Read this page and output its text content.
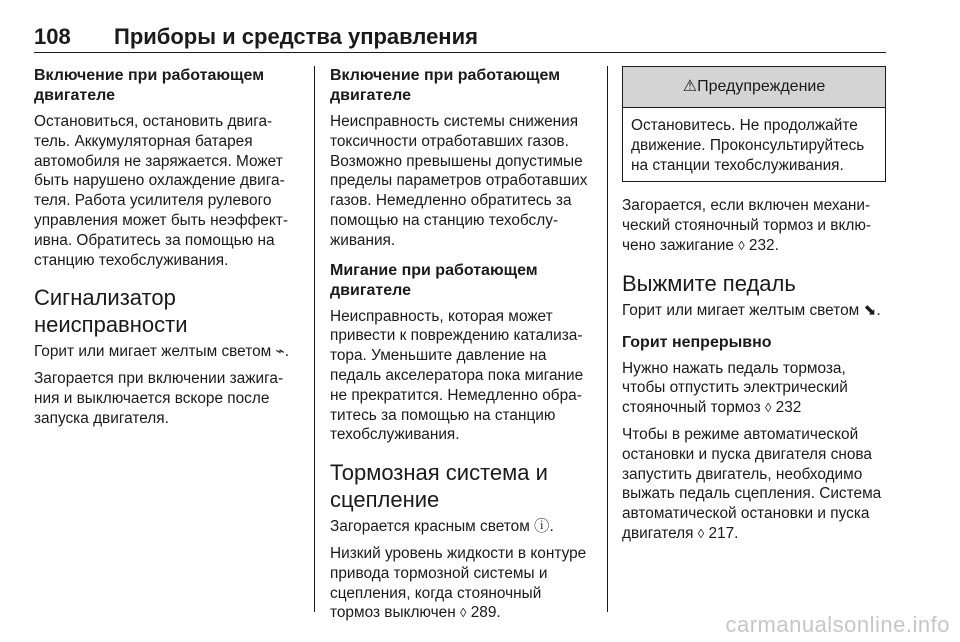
108 Приборы и средства управления
Включение при работающем двигателе

Остановиться, остановить двигатель. Аккумуляторная батарея автомобиля не заряжается. Может быть нарушено охлаждение двигателя. Работа усилителя рулевого управления может быть неэффективна. Обратитесь за помощью на станцию техобслуживания.

Сигнализатор неисправности

Горит или мигает желтым светом ⌁.

Загорается при включении зажигания и выключается вскоре после запуска двигателя.

Включение при работающем двигателе

Неисправность системы снижения токсичности отработавших газов. Возможно превышены допустимые пределы параметров отработавших газов. Немедленно обратитесь за помощью на станцию техобслуживания.

Мигание при работающем двигателе

Неисправность, которая может привести к повреждению катализатора. Уменьшите давление на педаль акселератора пока мигание не прекратится. Немедленно обратитесь за помощью на станцию техобслуживания.

Тормозная система и сцепление

Загорается красным светом ⓘ.

Низкий уровень жидкости в контуре привода тормозной системы и сцепления, когда стояночный тормоз выключен ◊ 289.

⚠Предупреждение

Остановитесь. Не продолжайте движение. Проконсультируйтесь на станции техобслуживания.

Загорается, если включен механический стояночный тормоз и включено зажигание ◊ 232.

Выжмите педаль

Горит или мигает желтым светом ⬊.

Горит непрерывно

Нужно нажать педаль тормоза, чтобы отпустить электрический стояночный тормоз ◊ 232

Чтобы в режиме автоматической остановки и пуска двигателя снова запустить двигатель, необходимо выжать педаль сцепления. Система автоматической остановки и пуска двигателя ◊ 217.

carmanualsonline.info
